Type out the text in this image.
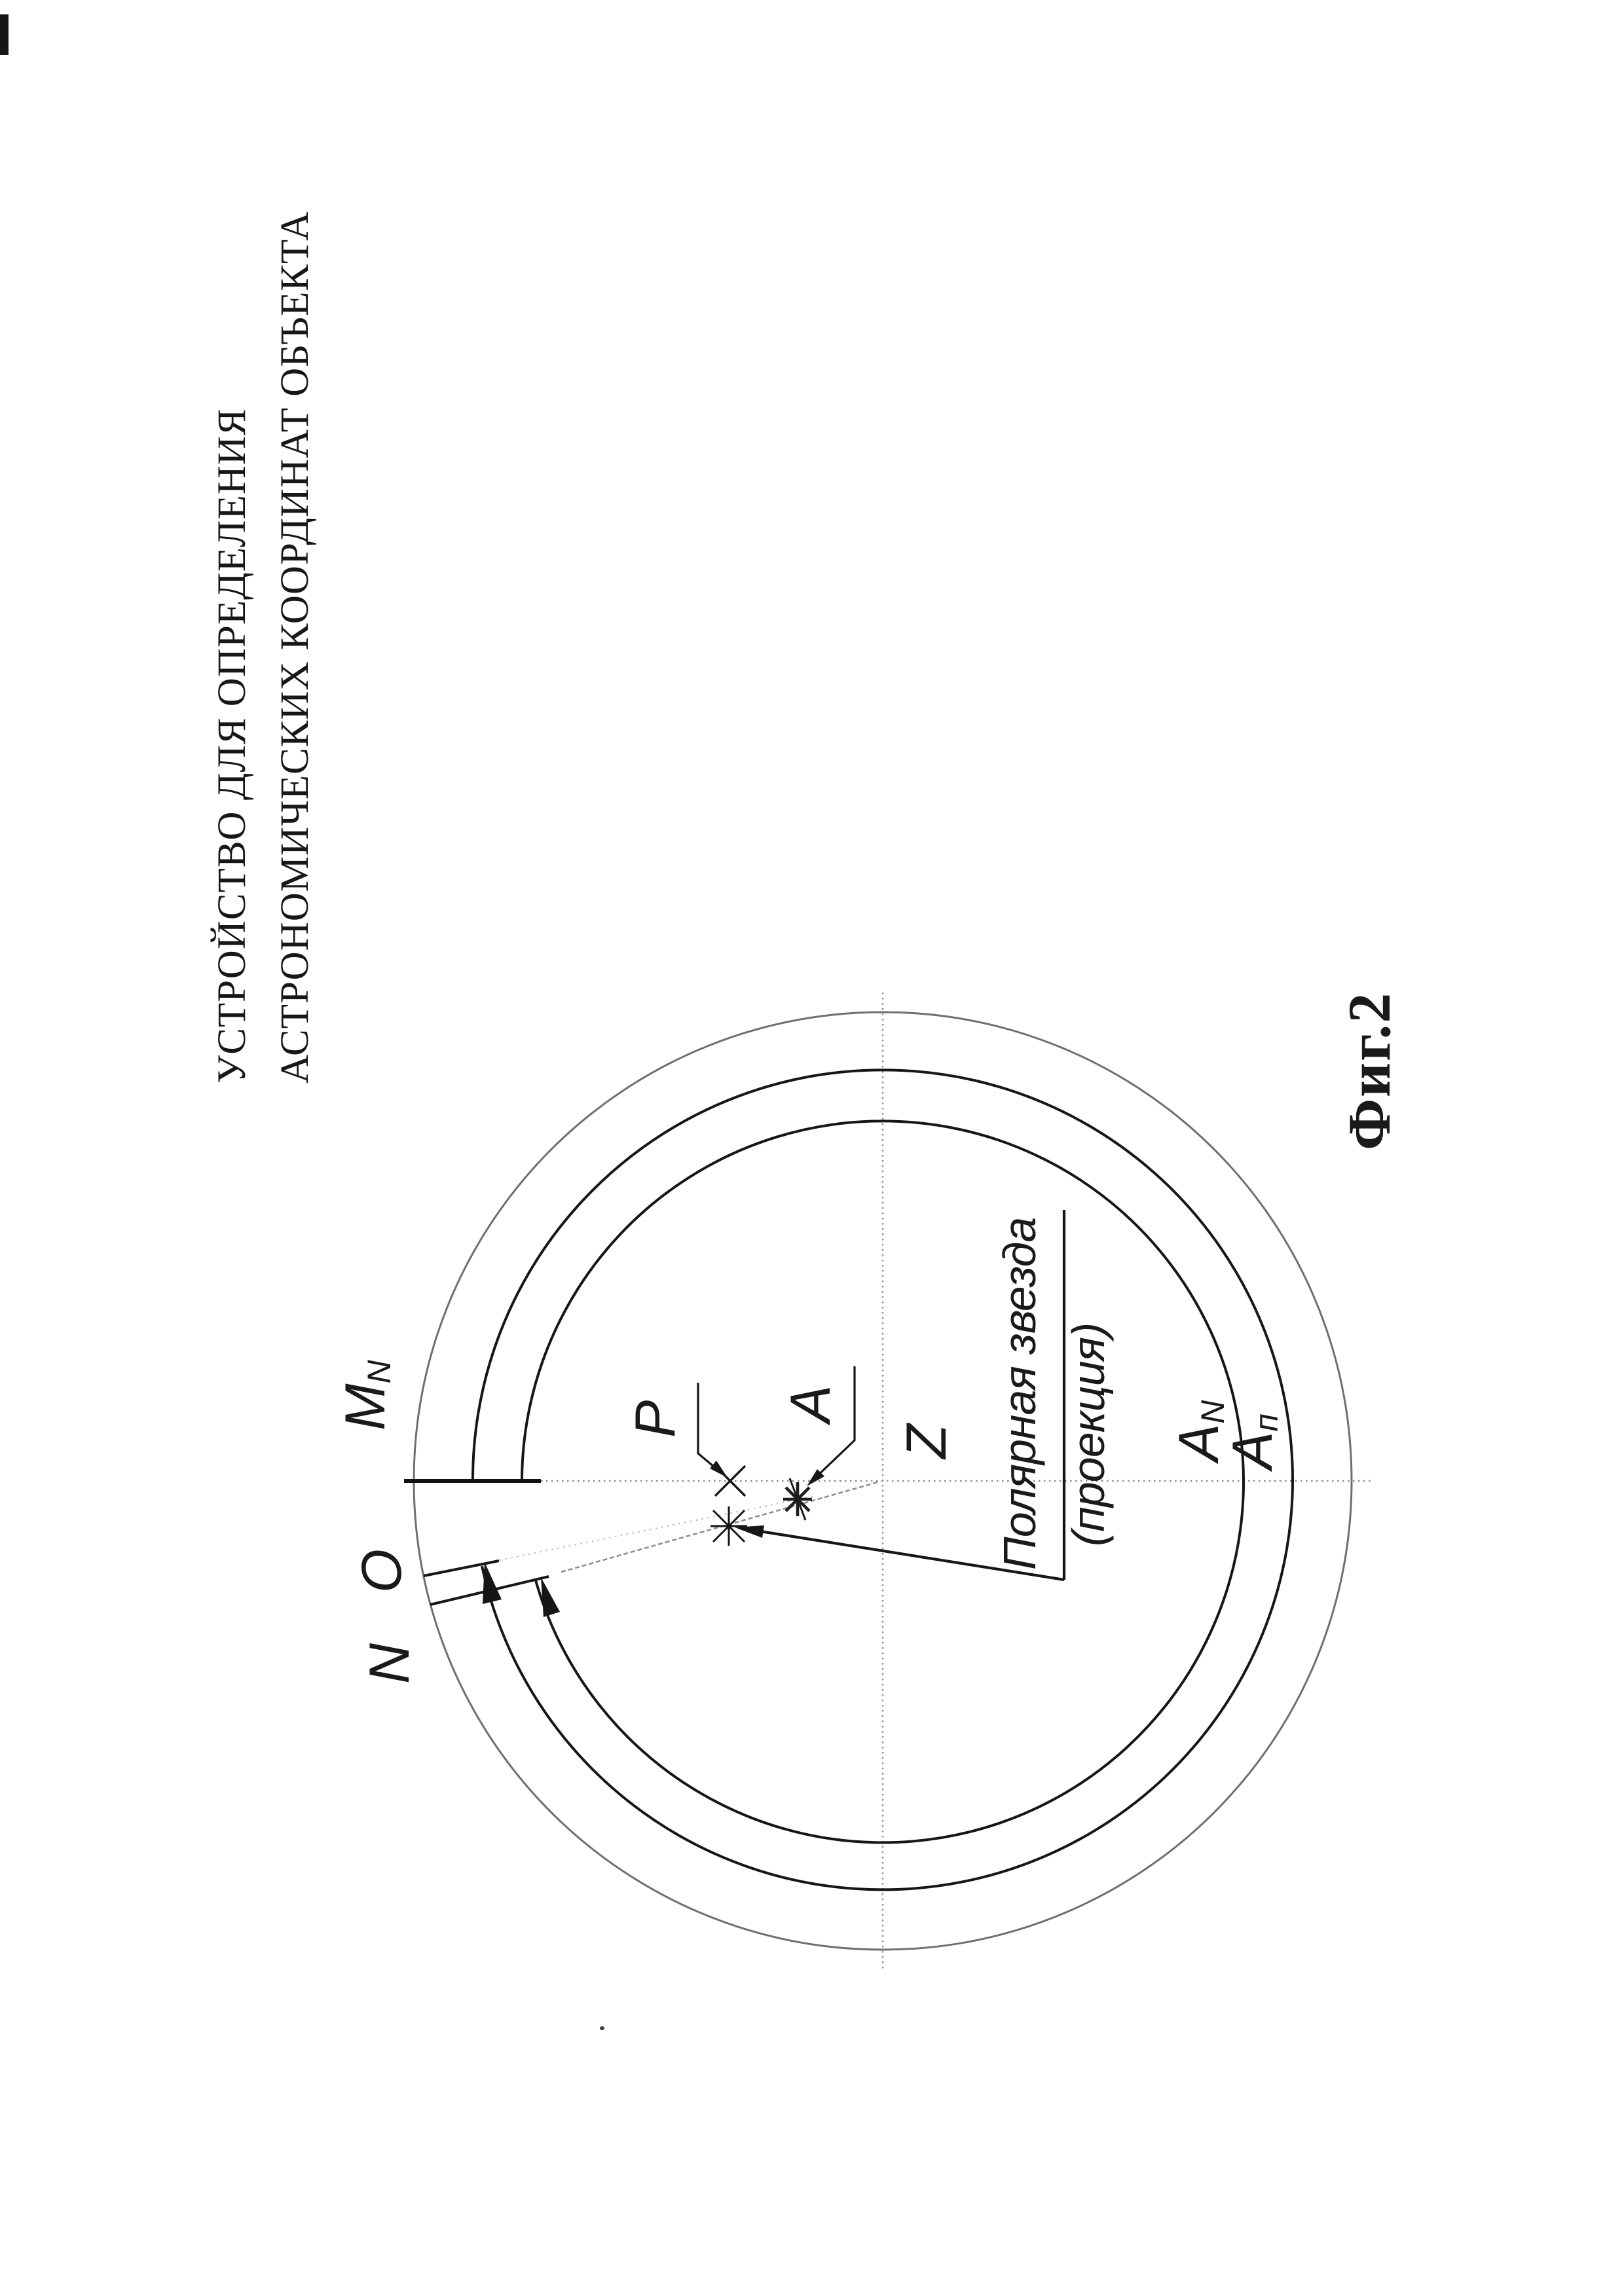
УСТРОЙСТВО ДЛЯ ОПРЕДЕЛЕНИЯ АСТРОНОМИЧЕСКИХ КООРДИНАТ ОБЪЕКТА
$M_N$
O
N
P A
Z	$A_N$
$A_п$
Полярная звезда (проекция)
Фиг.2
